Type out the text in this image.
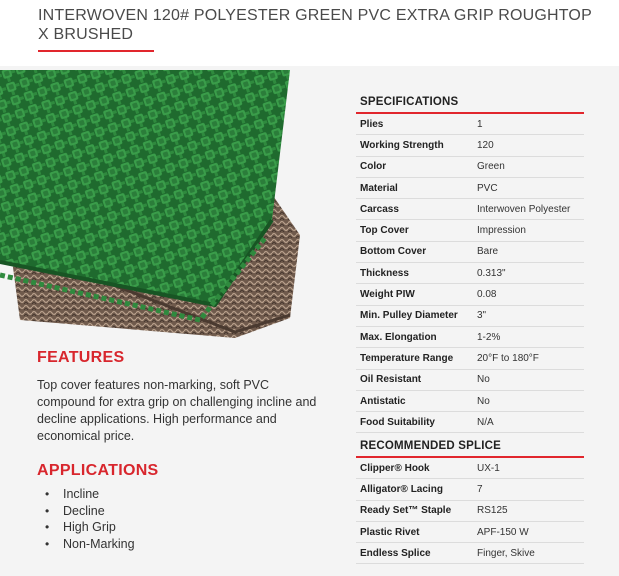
INTERWOVEN 120# POLYESTER GREEN PVC EXTRA GRIP ROUGHTOP X BRUSHED
FEATURES
Top cover features non-marking, soft PVC compound for extra grip on challenging incline and decline applications. High performance and economical price.
APPLICATIONS
• Incline
• Decline
• High Grip
• Non-Marking
SPECIFICATIONS
Plies	1
Working Strength	120
Color	Green
Material	PVC
Carcass	Interwoven Polyester
Top Cover	Impression
Bottom Cover	Bare
Thickness	0.313"
Weight PIW	0.08
Min. Pulley Diameter	3"
Max. Elongation	1-2%
Temperature Range	20°F to 180°F
Oil Resistant	No
Antistatic	No
Food Suitability	N/A
RECOMMENDED SPLICE
Clipper® Hook	UX-1
Alligator® Lacing	7
Ready Set™ Staple	RS125
Plastic Rivet	APF-150 W
Endless Splice	Finger, Skive
